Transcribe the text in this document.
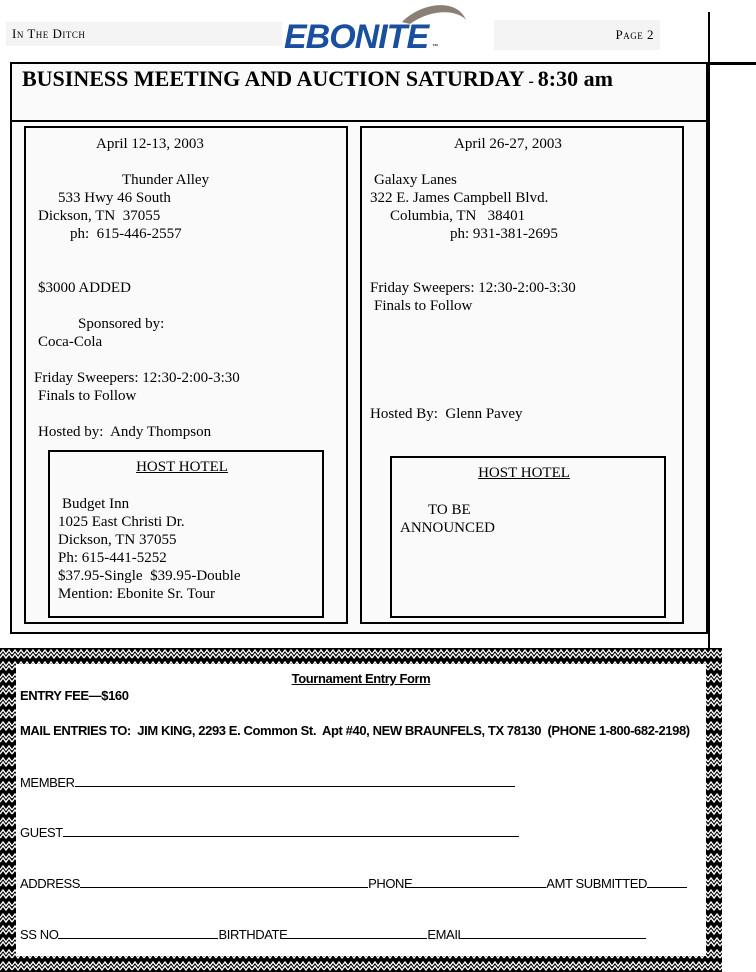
In The Ditch	EBONITE ™
Page 2
BUSINESS MEETING AND AUCTION SATURDAY - 8:30 am
April 12-13, 2003
Thunder Alley
533 Hwy 46 South
Dickson, TN  37055
ph:  615-446-2557
$3000 ADDED
Sponsored by:
Coca-Cola
Friday Sweepers: 12:30-2:00-3:30
Finals to Follow
Hosted by:  Andy Thompson
HOST HOTEL
Budget Inn
1025 East Christi Dr.
Dickson, TN 37055
Ph: 615-441-5252
$37.95-Single  $39.95-Double
Mention: Ebonite Sr. Tour
April 26-27, 2003
Galaxy Lanes
322 E. James Campbell Blvd.
Columbia, TN   38401
ph: 931-381-2695
Friday Sweepers: 12:30-2:00-3:30
Finals to Follow
Hosted By:  Glenn Pavey
HOST HOTEL
TO BE
ANNOUNCED
Tournament Entry Form
ENTRY FEE—$160
MAIL ENTRIES TO:  JIM KING, 2293 E. Common St.  Apt #40, NEW BRAUNFELS, TX 78130  (PHONE 1-800-682-2198)
MEMBER
GUEST
ADDRESS	PHONE	AMT SUBMITTED
SS NO	BIRTHDATE	EMAIL
